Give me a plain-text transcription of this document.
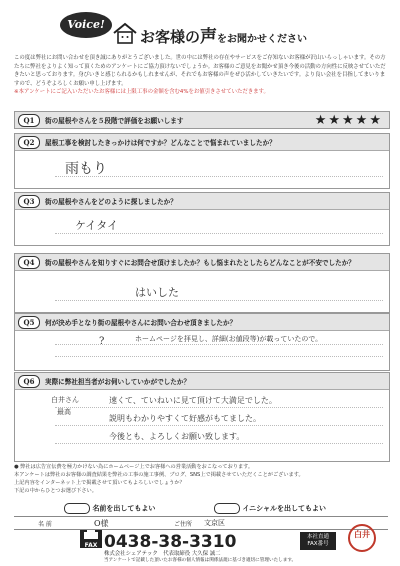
Voice!
お客様の声をお聞かせください
この度は弊社にお問い合わせを頂き誠にありがとうございました。世の中には弊社の存在やサービスをご存知ないお客様が沢山いらっしゃいます。その方たちに弊社をよりよく知って頂くためのアンケートにご協力頂けないでしょうか。お客様のご意見をお聞かせ頂き今後の活動の方向性に反映させていただきたいと思っております。身びいきと感じられるかもしれませんが、それでもお客様の声をぜひ活かしていきたいです。より良い会社を目指してまいりますので、どうぞよろしくお願い申し上げます。
※本アンケートにご記入いただいたお客様には上限工事の金額を含む4%をお値引きさせていただきます。
Q1	街の屋根やさんを５段階で評価をお願いします	★★★★★
Q2	屋根工事を検討したきっかけは何ですか？どんなことで悩まれていましたか？
雨もり
Q3	街の屋根やさんをどのように探しましたか？
ケイタイ
Q4	街の屋根やさんを知りすぐにお問合せ頂けましたか？もし悩まれたとしたらどんなことが不安でしたか？
はいした
Q5	何が決め手となり街の屋根やさんにお問い合わせ頂きましたか？
?	ホームページを拝見し、詳細(お値段等)が載っていたので。
Q6	実際に弊社担当者がお伺いしていかがでしたか？
白井さん
最高
速くて、ていねいに見て頂けて大満足でした。
説明もわかりやすくて好感がもてました。
今後とも、よろしくお願い致します。
● 弊社は広告宣伝費を極力かけない為にホームページ上でお客様への営業活動をおこなっております。
本アンケートは弊社のお客様の調査結果を弊社の工事の施工事例、ブログ、SNS上で掲載させていただくことがございます。
上記内容をインターネット上で掲載させて頂いてもよろしいでしょうか？
下記の中からひとつお選び下さい。
名前を出してもよい	イニシャルを出してもよい
名 前	O様	ご住所 文京区
FAX 0438-38-3310	本社直通 FAX番号
株式会社シェアテック　代表取締役 大久保 誠二
当アンケートで記載した頂いたお客様の個人情報は関係法規に基づき適切に管理いたします。
白井
